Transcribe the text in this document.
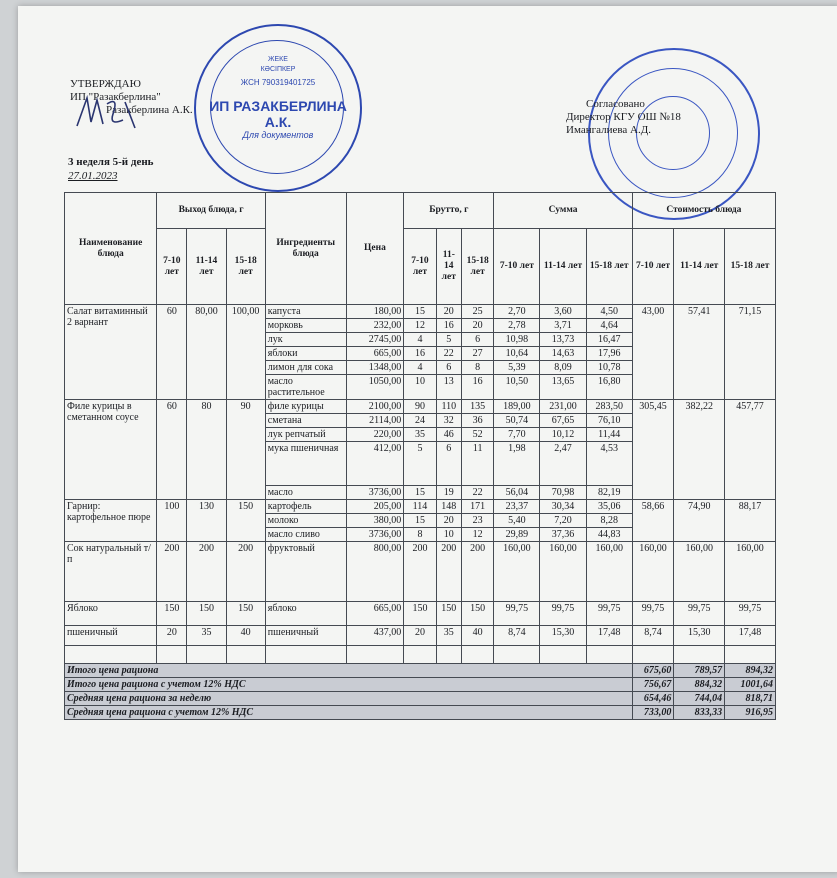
УТВЕРЖДАЮ
ИП "Разакберлина"
Разакберлина А.К.
ЖЕКЕ
КӘСІПКЕР
ЖСН 790319401725
ИП РАЗАКБЕРЛИНА А.К.
Для документов
Согласовано
Директор КГУ ОШ №18
Имангалиева А.Д.
3 неделя 5-й день
27.01.2023
Наименование блюда	Выход блюда, г			Ингредиенты блюда	Цена	Брутто, г			Сумма			Стоимость блюда		
	7-10 лет	11-14 лет	15-18 лет			7-10 лет	11-14 лет	15-18 лет	7-10 лет	11-14 лет	15-18 лет	7-10 лет	11-14 лет	15-18 лет
Салат витаминный 2 варнант	60	80,00	100,00	капуста	180,00	15	20	25	2,70	3,60	4,50	43,00	57,41	71,15
				морковь	232,00	12	16	20	2,78	3,71	4,64			
				лук	2745,00	4	5	6	10,98	13,73	16,47			
				яблоки	665,00	16	22	27	10,64	14,63	17,96			
				лимон для сока	1348,00	4	6	8	5,39	8,09	10,78			
				масло растительное	1050,00	10	13	16	10,50	13,65	16,80			
Филе курицы в сметанном соусе	60	80	90	филе курицы	2100,00	90	110	135	189,00	231,00	283,50	305,45	382,22	457,77
				сметана	2114,00	24	32	36	50,74	67,65	76,10			
				лук репчатый	220,00	35	46	52	7,70	10,12	11,44			
				мука пшеничная	412,00	5	6	11	1,98	2,47	4,53			
				масло	3736,00	15	19	22	56,04	70,98	82,19			
Гарнир: картофельное пюре	100	130	150	картофель	205,00	114	148	171	23,37	30,34	35,06	58,66	74,90	88,17
				молоко	380,00	15	20	23	5,40	7,20	8,28			
				масло сливо	3736,00	8	10	12	29,89	37,36	44,83			
Сок натуральный т/п	200	200	200	фруктовый	800,00	200	200	200	160,00	160,00	160,00	160,00	160,00	160,00
Яблоко	150	150	150	яблоко	665,00	150	150	150	99,75	99,75	99,75	99,75	99,75	99,75
пшеничный	20	35	40	пшеничный	437,00	20	35	40	8,74	15,30	17,48	8,74	15,30	17,48

Итого цена рациона												675,60	789,57	894,32
Итого цена рациона с учетом 12% НДС												756,67	884,32	1001,64
Средняя цена рациона за неделю												654,46	744,04	818,71
Средняя цена рациона с учетом 12% НДС												733,00	833,33	916,95
